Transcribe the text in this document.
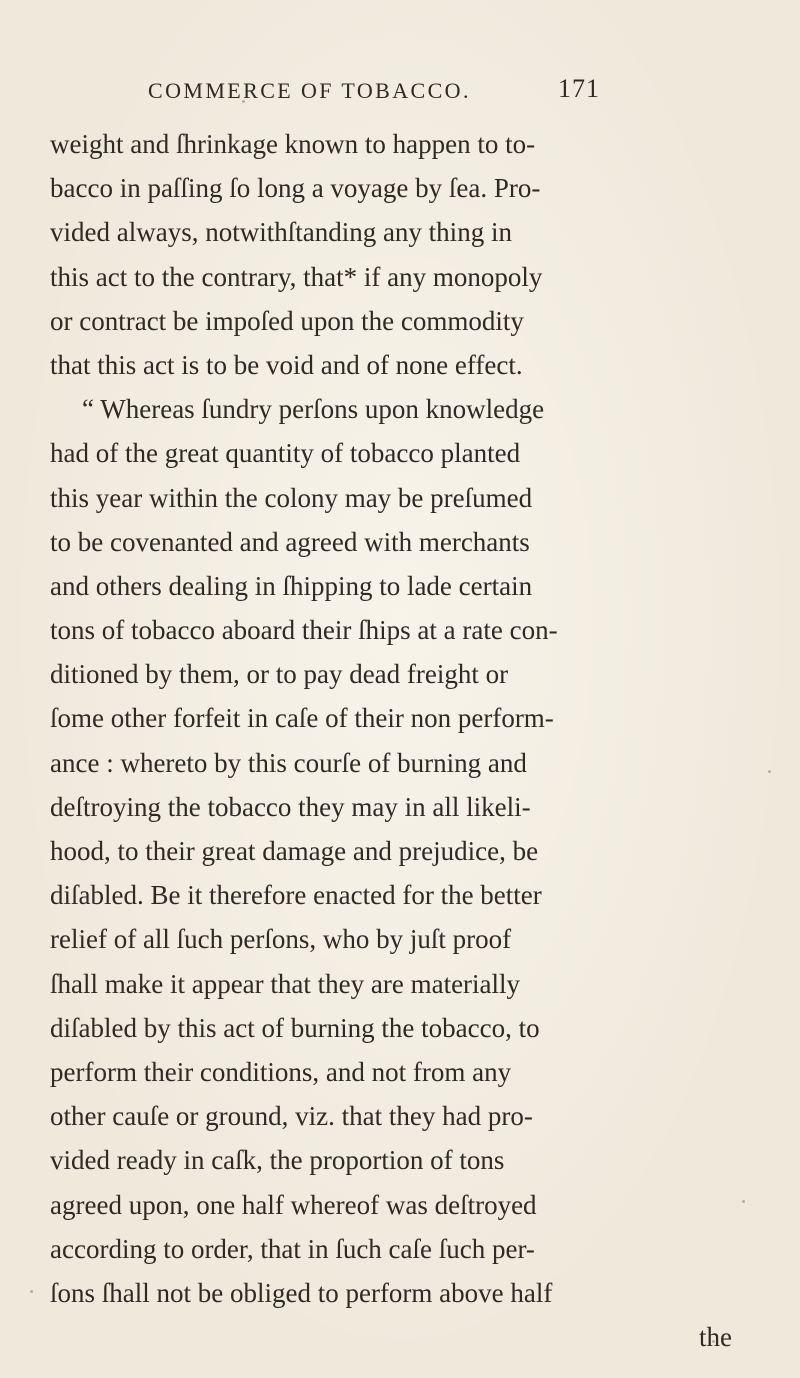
COMMERCE OF TOBACCO.	171
weight and ſhrinkage known to happen to to-
bacco in paſſing ſo long a voyage by ſea. Pro-
vided always, notwithſtanding any thing in
this act to the contrary, that* if any monopoly
or contract be impoſed upon the commodity
that this act is to be void and of none effect.
“ Whereas ſundry perſons upon knowledge
had of the great quantity of tobacco planted
this year within the colony may be preſumed
to be covenanted and agreed with merchants
and others dealing in ſhipping to lade certain
tons of tobacco aboard their ſhips at a rate con-
ditioned by them, or to pay dead freight or
ſome other forfeit in caſe of their non perform-
ance : whereto by this courſe of burning and
deſtroying the tobacco they may in all likeli-
hood, to their great damage and prejudice, be
diſabled. Be it therefore enacted for the better
relief of all ſuch perſons, who by juſt proof
ſhall make it appear that they are materially
diſabled by this act of burning the tobacco, to
perform their conditions, and not from any
other cauſe or ground, viz. that they had pro-
vided ready in caſk, the proportion of tons
agreed upon, one half whereof was deſtroyed
according to order, that in ſuch caſe ſuch per-
ſons ſhall not be obliged to perform above half
the
